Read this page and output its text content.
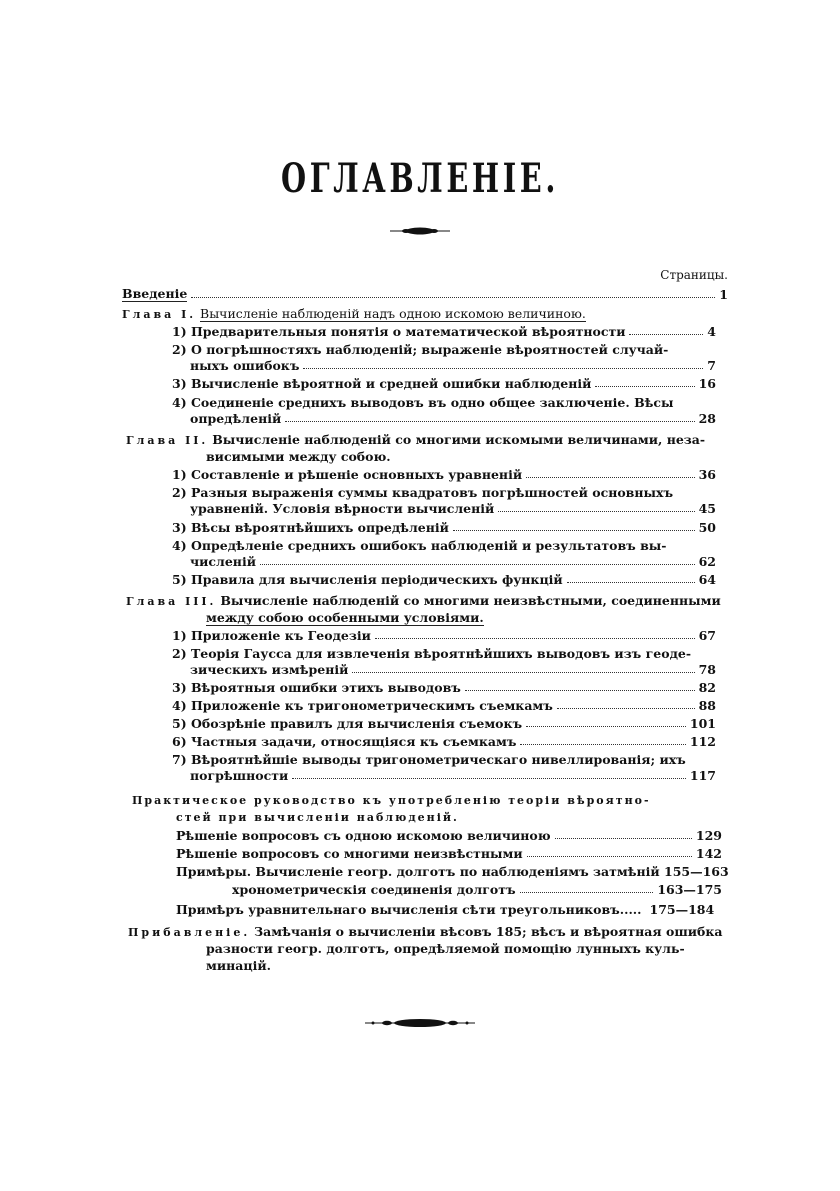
ОГЛАВЛЕНІЕ.
Страницы.
Введеніе	1
Глава I. Вычисленіе наблюденій надъ одною искомою величиною.
1) Предварительныя понятія о математической вѣроятности	4
2) О погрѣшностяхъ наблюденій; выраженіе вѣроятностей случай-
ныхъ ошибокъ	7
3) Вычисленіе вѣроятной и средней ошибки наблюденій	16
4) Соединеніе среднихъ выводовъ въ одно общее заключеніе. Вѣсы
опредѣленій	28
Глава II. Вычисленіе наблюденій со многими искомыми величинами, неза-
висимыми между собою.
1) Составленіе и рѣшеніе основныхъ уравненій	36
2) Разныя выраженія суммы квадратовъ погрѣшностей основныхъ
уравненій. Условія вѣрности вычисленій	45
3) Вѣсы вѣроятнѣйшихъ опредѣленій	50
4) Опредѣленіе среднихъ ошибокъ наблюденій и результатовъ вы-
численій	62
5) Правила для вычисленія періодическихъ функцій	64
Глава III. Вычисленіе наблюденій со многими неизвѣстными, соединенными
между собою особенными условіями.
1) Приложеніе къ Геодезіи	67
2) Теорія Гаусса для извлеченія вѣроятнѣйшихъ выводовъ изъ геоде-
зическихъ измѣреній	78
3) Вѣроятныя ошибки этихъ выводовъ	82
4) Приложеніе къ тригонометрическимъ съемкамъ	88
5) Обозрѣніе правилъ для вычисленія съемокъ	101
6) Частныя задачи, относящіяся къ съемкамъ	112
7) Вѣроятнѣйшіе выводы тригонометрическаго нивеллированія; ихъ
погрѣшности	117
Практическое руководство къ употребленію теоріи вѣроятно-
стей при вычисленіи наблюденій.
Рѣшеніе вопросовъ съ одною искомою величиною	129
Рѣшеніе вопросовъ со многими неизвѣстными	142
Примѣры. Вычисленіе геогр. долготъ по наблюденіямъ затмѣній 155—163
хронометрическія соединенія долготъ	163—175
Примѣръ уравнительнаго вычисленія сѣти треугольниковъ..... 175—184
Прибавленіе. Замѣчанія о вычисленіи вѣсовъ 185; вѣсъ и вѣроятная ошибка
разности геогр. долготъ, опредѣляемой помощію лунныхъ куль-
минацій.
